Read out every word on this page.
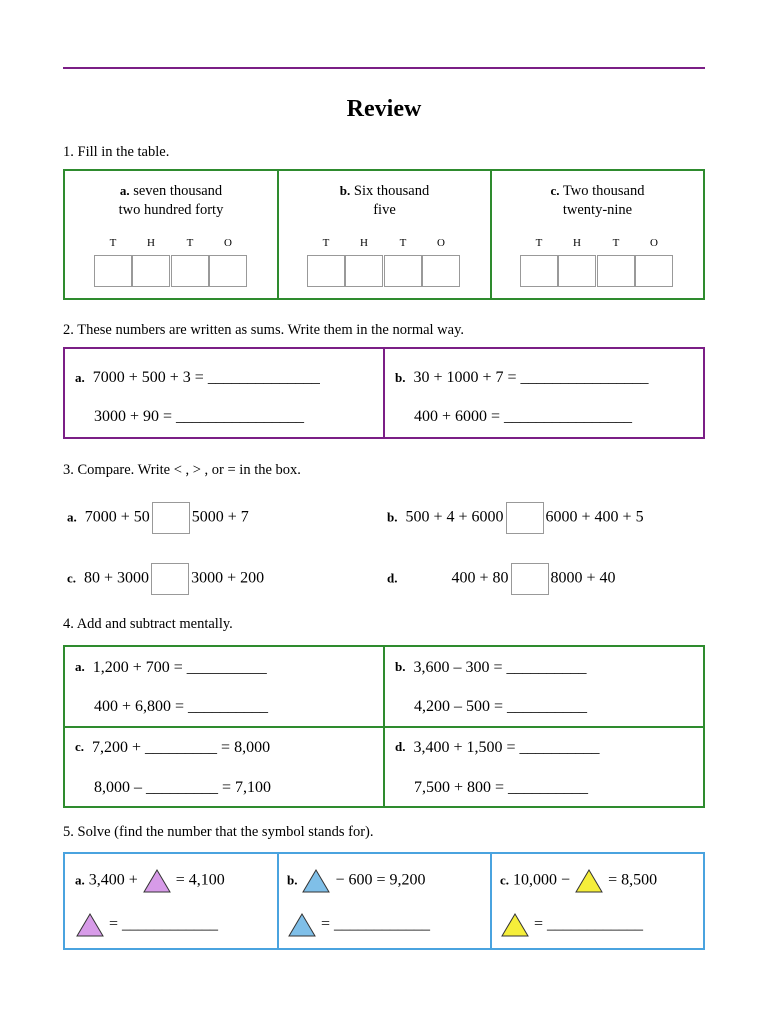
Review
1. Fill in the table.
a. seven thousand
two hundred forty
T	H	T	O
b. Six thousand
five
T	H	T	O
c. Two thousand
twenty-nine
T	H	T	O
2. These numbers are written as sums. Write them in the normal way.
a. 7000 + 500 + 3 = ______________
3000 + 90 = ________________
b. 30 + 1000 + 7 = ________________
400 + 6000 = ________________
3. Compare. Write < , > , or = in the box.
a. 7000 + 50	5000 + 7	b. 500 + 4 + 6000	6000 + 400 + 5
c. 80 + 3000	3000 + 200	d.	400 + 80	8000 + 40
4. Add and subtract mentally.
$^{a.}$ 1,200 + 700 = __________
400 + 6,800 = __________
$^{b.}$ 3,600 – 300 = __________
4,200 – 500 = __________
$^{c.}$ 7,200 + _________ = 8,000
8,000 – _________ = 7,100
$^{d.}$ 3,400 + 1,500 = __________
7,500 + 800 = __________
5. Solve (find the number that the symbol stands for).
a. 3,400 +  = 4,100
= ____________
b.  − 600 = 9,200
= ____________
c. 10,000 −  = 8,500
= ____________
